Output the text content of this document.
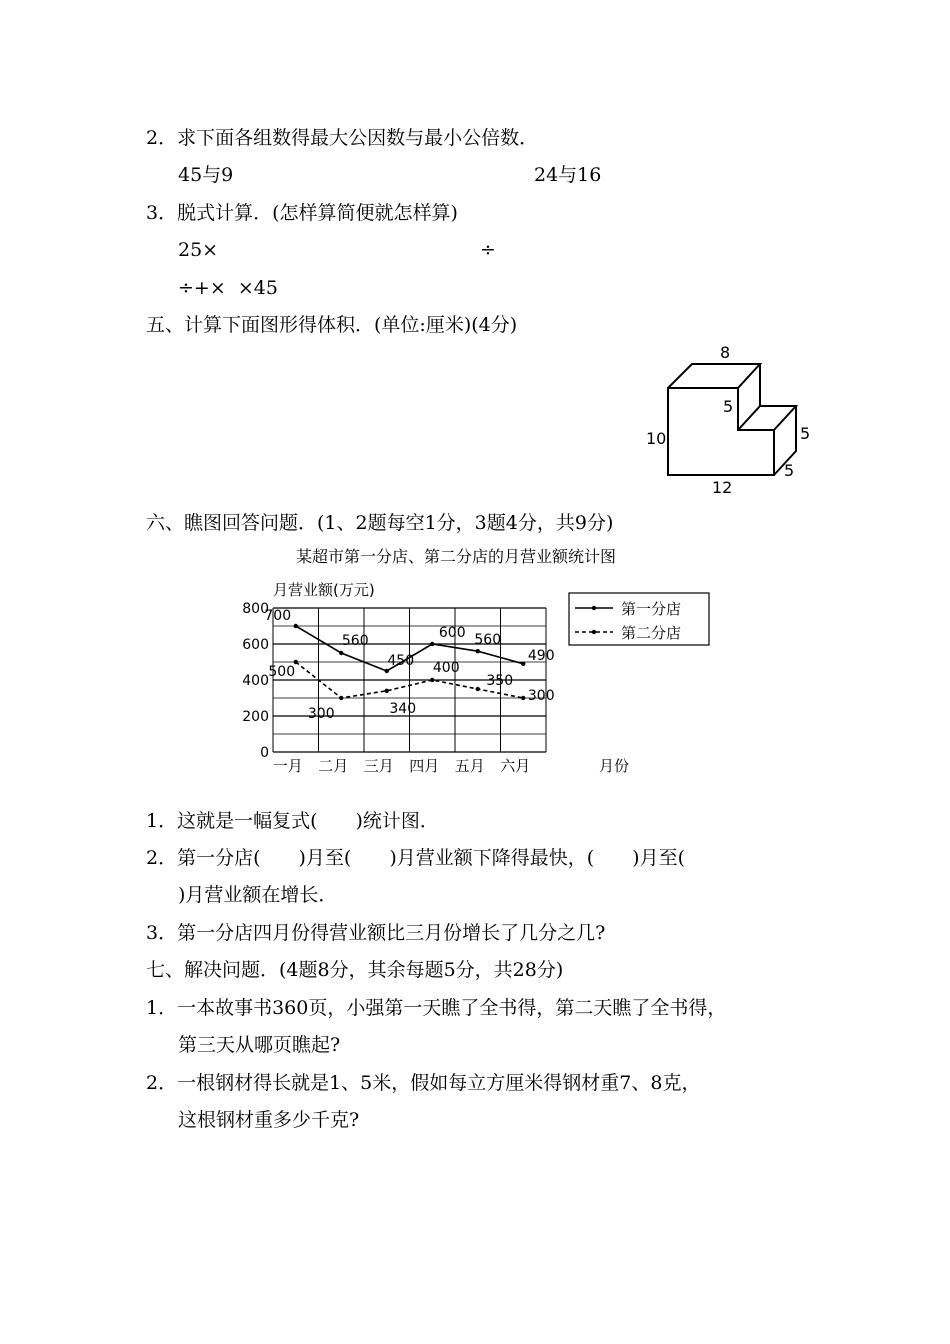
2．求下面各组数得最大公因数与最小公倍数．
45与9	24与16
3．脱式计算．(怎样算简便就怎样算)
25×	÷
÷+×  ×45
五、计算下面图形得体积．(单位:厘米)(4分)
8
5
10	5
5
12
六、瞧图回答问题．(1、2题每空1分，3题4分，共9分)
某超市第一分店、第二分店的月营业额统计图
月营业额(万元)
月份
0
200
400
600
800
一月 二月 三月 四月 五月 六月
700
560
450
600 560
490
500
300	340
400
350
300
第一分店
第二分店
1．这就是一幅复式(　　)统计图．
2．第一分店(　　)月至(　　)月营业额下降得最快，(　　)月至(
)月营业额在增长．
3．第一分店四月份得营业额比三月份增长了几分之几?
七、解决问题．(4题8分，其余每题5分，共28分)
1．一本故事书360页，小强第一天瞧了全书得，第二天瞧了全书得，
第三天从哪页瞧起?
2．一根钢材得长就是1、5米，假如每立方厘米得钢材重7、8克，
这根钢材重多少千克?
